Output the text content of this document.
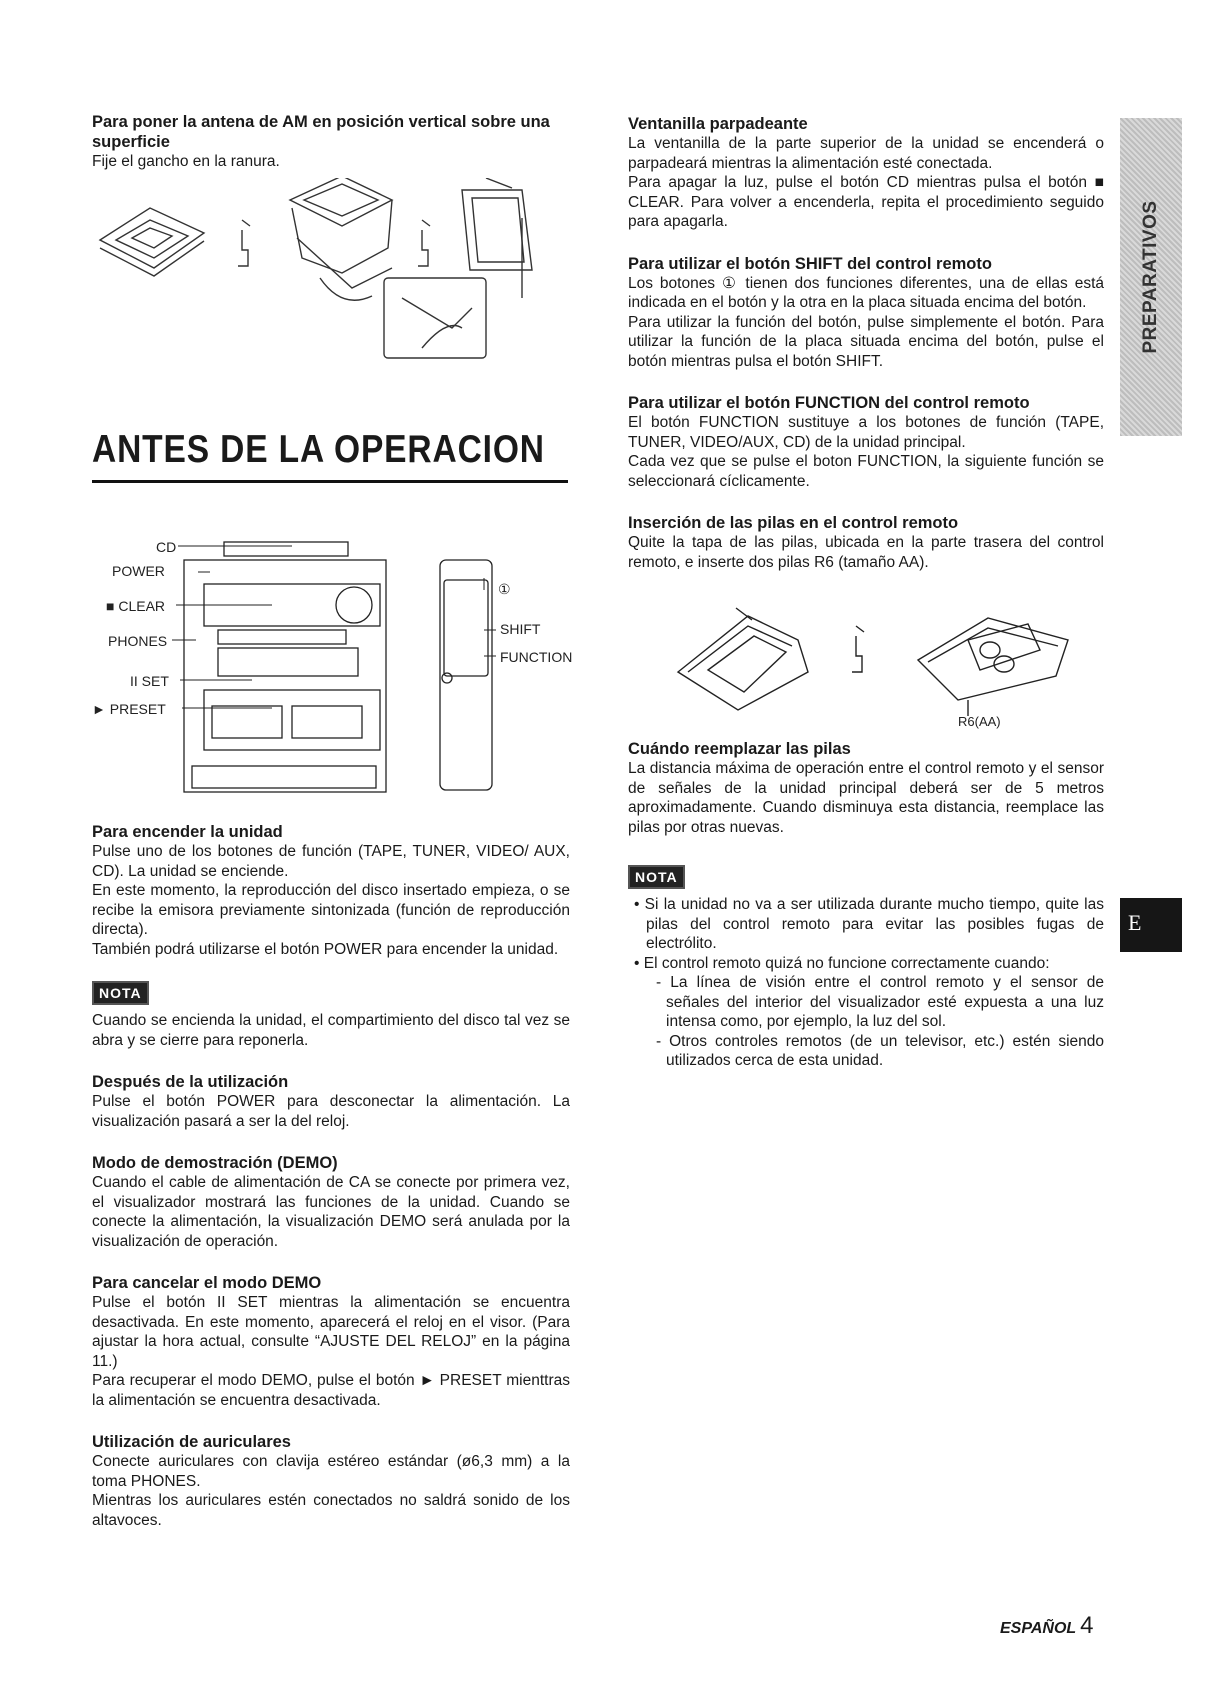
Para poner la antena de AM en posición vertical sobre una superficie

Fije el gancho en la ranura.

ANTES DE LA OPERACION
CD
POWER
■ CLEAR
PHONES
II SET
► PRESET
①
SHIFT
FUNCTION
Para encender la unidad

Pulse uno de los botones de función (TAPE, TUNER, VIDEO/ AUX, CD). La unidad se enciende.

En este momento, la reproducción del disco insertado empieza, o se recibe la emisora previamente sintonizada (función de reproducción directa).

También podrá utilizarse el botón POWER para encender la unidad.

NOTA

Cuando se encienda la unidad, el compartimiento del disco tal vez se abra y se cierre para reponerla.

Después de la utilización

Pulse el botón POWER para desconectar la alimentación. La visualización pasará a ser la del reloj.

Modo de demostración (DEMO)

Cuando el cable de alimentación de CA se conecte por primera vez, el visualizador mostrará las funciones de la unidad. Cuando se conecte la alimentación, la visualización DEMO será anulada por la visualización de operación.

Para cancelar el modo DEMO

Pulse el botón II SET mientras la alimentación se encuentra desactivada. En este momento, aparecerá el reloj en el visor. (Para ajustar la hora actual, consulte “AJUSTE DEL RELOJ” en la página 11.)

Para recuperar el modo DEMO, pulse el botón ► PRESET mienttras la alimentación se encuentra desactivada.

Utilización de auriculares

Conecte auriculares con clavija estéreo estándar (ø6,3 mm) a la toma PHONES.

Mientras los auriculares estén conectados no saldrá sonido de los altavoces.

Ventanilla parpadeante

La ventanilla de la parte superior de la unidad se encenderá o parpadeará mientras la alimentación esté conectada.

Para apagar la luz, pulse el botón CD mientras pulsa el botón ■ CLEAR. Para volver a encenderla, repita el procedimiento seguido para apagarla.

Para utilizar el botón SHIFT del control remoto

Los botones ① tienen dos funciones diferentes, una de ellas está indicada en el botón y la otra en la placa situada encima del botón.

Para utilizar la función del botón, pulse simplemente el botón. Para utilizar la función de la placa situada encima del botón, pulse el botón mientras pulsa el botón SHIFT.

Para utilizar el botón FUNCTION del control remoto

El botón FUNCTION sustituye a los botones de función (TAPE, TUNER, VIDEO/AUX, CD) de la unidad principal.

Cada vez que se pulse el boton FUNCTION, la siguiente función se seleccionará cíclicamente.

Inserción de las pilas en el control remoto

Quite la tapa de las pilas, ubicada en la parte trasera del control remoto, e inserte dos pilas R6 (tamaño AA).

R6(AA)
Cuándo reemplazar las pilas

La distancia máxima de operación entre el control remoto y el sensor de señales de la unidad principal deberá ser de 5 metros aproximadamente. Cuando disminuya esta distancia, reemplace las pilas por otras nuevas.

NOTA
• Si la unidad no va a ser utilizada durante mucho tiempo, quite las pilas del control remoto para evitar las posibles fugas de electrólito.
• El control remoto quizá no funcione correctamente cuando:
- La línea de visión entre el control remoto y el sensor de señales del interior del visualizador esté expuesta a una luz intensa como, por ejemplo, la luz del sol.
- Otros controles remotos (de un televisor, etc.) estén siendo utilizados cerca de esta unidad.
PREPARATIVOS
E
ESPAÑOL 4
